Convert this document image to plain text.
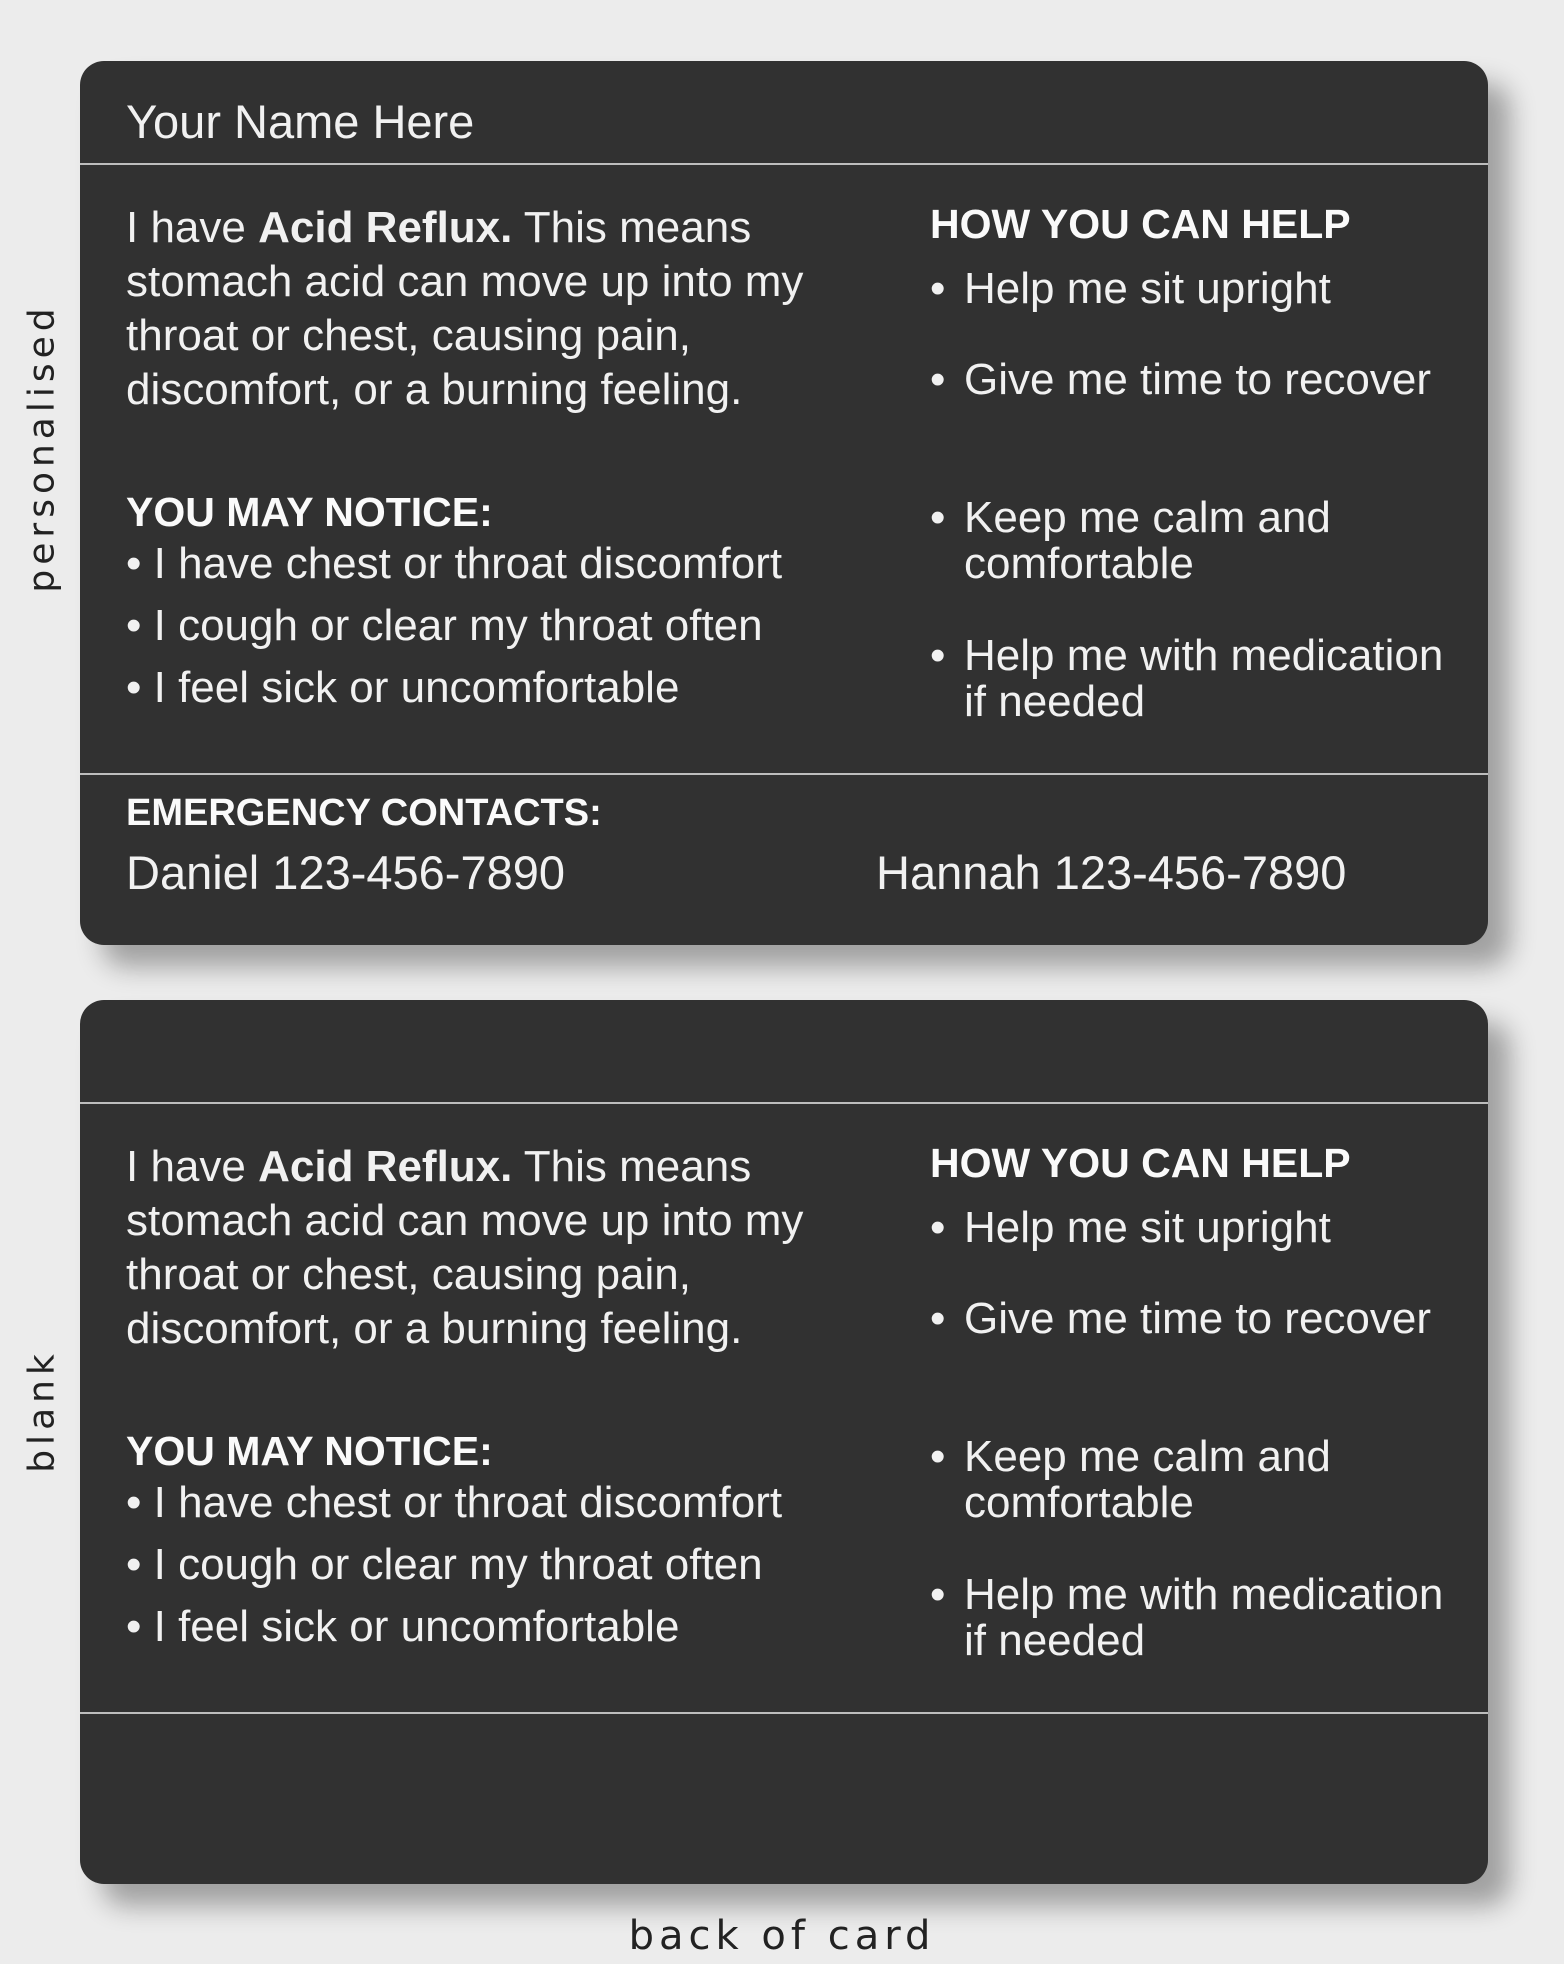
personalised
blank
Your Name Here
I have Acid Reflux. This means stomach acid can move up into my throat or chest, causing pain, discomfort, or a burning feeling.
YOU MAY NOTICE:
• I have chest or throat discomfort
• I cough or clear my throat often
• I feel sick or uncomfortable
HOW YOU CAN HELP
• Help me sit upright
• Give me time to recover
• Keep me calm and comfortable
• Help me with medication if needed
EMERGENCY CONTACTS:
Daniel 123-456-7890	Hannah 123-456-7890
I have Acid Reflux. This means stomach acid can move up into my throat or chest, causing pain, discomfort, or a burning feeling.
YOU MAY NOTICE:
• I have chest or throat discomfort
• I cough or clear my throat often
• I feel sick or uncomfortable
HOW YOU CAN HELP
• Help me sit upright
• Give me time to recover
• Keep me calm and comfortable
• Help me with medication if needed
back of card
